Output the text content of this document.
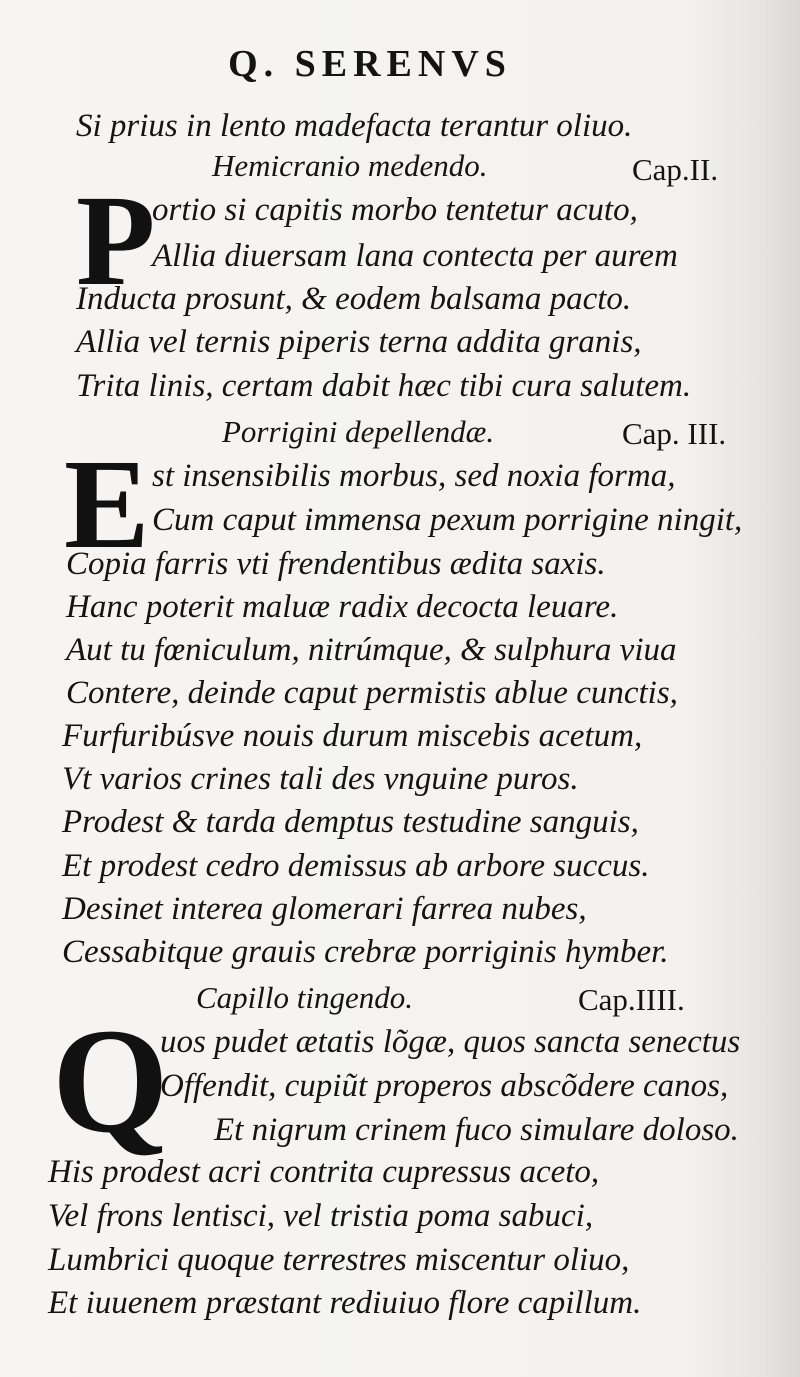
Q. SERENVS
Si prius in lento madefacta terantur oliuo.
Hemicranio medendo.	Cap.II.
P
ortio si capitis morbo tentetur acuto,
Allia diuersam lana contecta per aurem
Inducta prosunt, & eodem balsama pacto.
Allia vel ternis piperis terna addita granis,
Trita linis, certam dabit hæc tibi cura salutem.
Porrigini depellendæ.	Cap. III.
E st insensibilis morbus, sed noxia forma,
Cum caput immensa pexum porrigine ningit,
Copia farris vti frendentibus ædita saxis.
Hanc poterit maluæ radix decocta leuare.
Aut tu fœniculum, nitrúmque, & sulphura viua
Contere, deinde caput permistis ablue cunctis,
Furfuribúsve nouis durum miscebis acetum,
Vt varios crines tali des vnguine puros.
Prodest & tarda demptus testudine sanguis,
Et prodest cedro demissus ab arbore succus.
Desinet interea glomerari farrea nubes,
Cessabitque grauis crebræ porriginis hymber.
Capillo tingendo.	Cap.IIII.
Q
uos pudet ætatis lõgæ, quos sancta senectus
Offendit, cupiũt properos abscõdere canos,
Et nigrum crinem fuco simulare doloso.
His prodest acri contrita cupressus aceto,
Vel frons lentisci, vel tristia poma sabuci,
Lumbrici quoque terrestres miscentur oliuo,
Et iuuenem præstant rediuiuo flore capillum.
